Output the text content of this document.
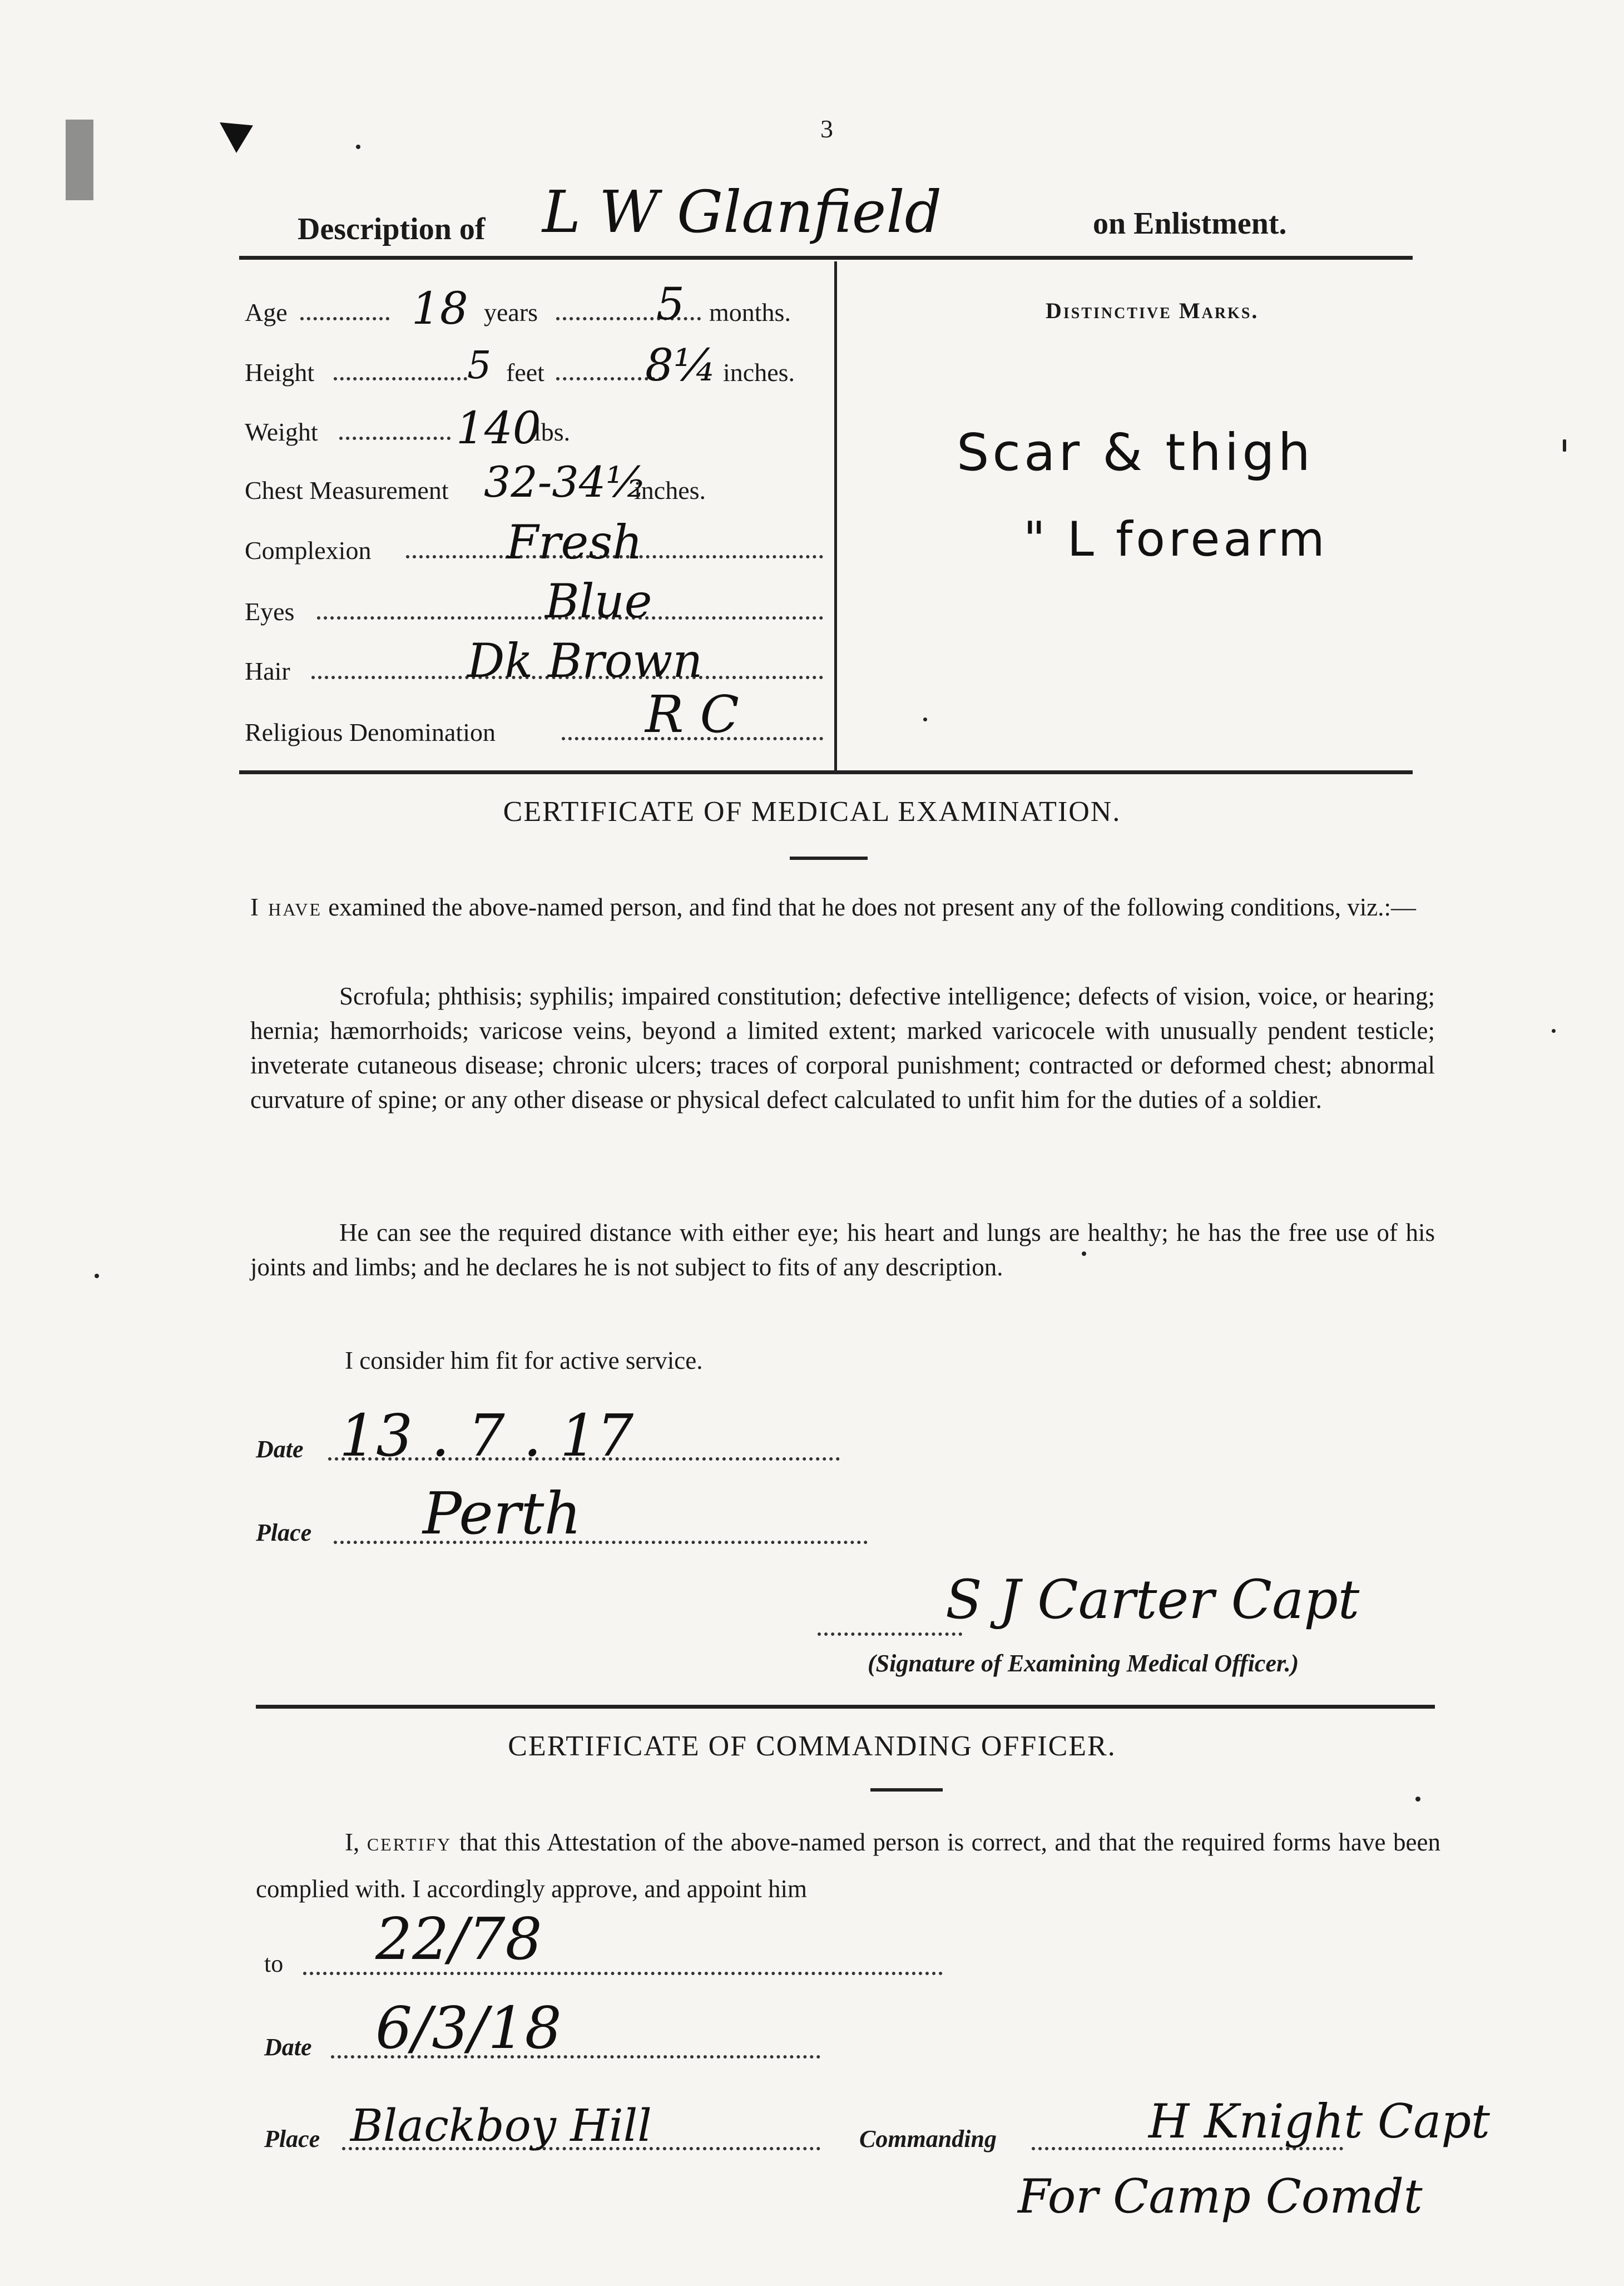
3
Description of L W Glanfield	on Enlistment.
Age	18 years	5 months.
Height	5 feet 8¼ inches.
Weight	140
lbs.
Chest Measurement 32-34½
inches.
Complexion	Fresh
Eyes	Blue
Hair	Dk Brown
Religious Denomination	R C
Distinctive Marks.
Scar & thigh
" L forearm
CERTIFICATE OF MEDICAL EXAMINATION.
I have examined the above-named person, and find that he does not present any of the following conditions, viz.:—
Scrofula; phthisis; syphilis; impaired constitution; defective intelligence; defects of vision, voice, or hearing; hernia; hæmorrhoids; varicose veins, beyond a limited extent; marked varicocele with unusually pendent testicle; inveterate cutaneous disease; chronic ulcers; traces of corporal punishment; contracted or deformed chest; abnormal curvature of spine; or any other disease or physical defect calculated to unfit him for the duties of a soldier.
He can see the required distance with either eye; his heart and lungs are healthy; he has the free use of his joints and limbs; and he declares he is not subject to fits of any description.
I consider him fit for active service.
Date 13 . 7 . 17
Place Perth
S J Carter Capt
(Signature of Examining Medical Officer.)
CERTIFICATE OF COMMANDING OFFICER.
I, certify that this Attestation of the above-named person is correct, and that the required forms have been complied with. I accordingly approve, and appoint him
to 22/78
Date 6/3/18
Place Blackboy Hill	Commanding	H Knight Capt
For Camp Comdt
